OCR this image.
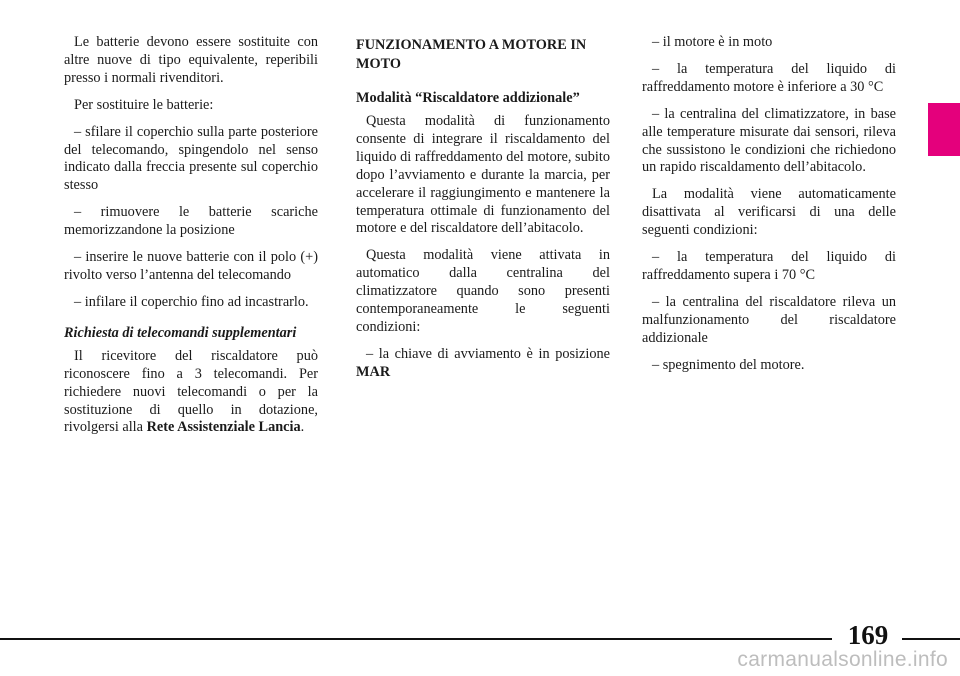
Le batterie devono essere sostituite con altre nuove di tipo equivalente, reperibili presso i normali rivenditori.

Per sostituire le batterie:

– sfilare il coperchio sulla parte posteriore del telecomando, spingendolo nel senso indicato dalla freccia presente sul coperchio stesso

– rimuovere le batterie scariche memorizzandone la posizione

– inserire le nuove batterie con il polo (+) rivolto verso l’antenna del telecomando

– infilare il coperchio fino ad incastrarlo.

Richiesta di telecomandi supplementari

Il ricevitore del riscaldatore può riconoscere fino a 3 telecomandi. Per richiedere nuovi telecomandi o per la sostituzione di quello in dotazione, rivolgersi alla Rete Assistenziale Lancia.

FUNZIONAMENTO A MOTORE IN MOTO
Modalità “Riscaldatore addizionale”

Questa modalità di funzionamento consente di integrare il riscaldamento del liquido di raffreddamento del motore, subito dopo l’avviamento e durante la marcia, per accelerare il raggiungimento e mantenere la temperatura ottimale di funzionamento del motore e del riscaldatore dell’abitacolo.

Questa modalità viene attivata in automatico dalla centralina del climatizzatore quando sono presenti contemporaneamente le seguenti condizioni:

– la chiave di avviamento è in posizione MAR

– il motore è in moto

– la temperatura del liquido di raffreddamento motore è inferiore a 30 °C

– la centralina del climatizzatore, in base alle temperature misurate dai sensori, rileva che sussistono le condizioni che richiedono un rapido riscaldamento dell’abitacolo.

La modalità viene automaticamente disattivata al verificarsi di una delle seguenti condizioni:

– la temperatura del liquido di raffreddamento supera i 70 °C

– la centralina del riscaldatore rileva un malfunzionamento del riscaldatore addizionale

– spegnimento del motore.

169
carmanualsonline.info
